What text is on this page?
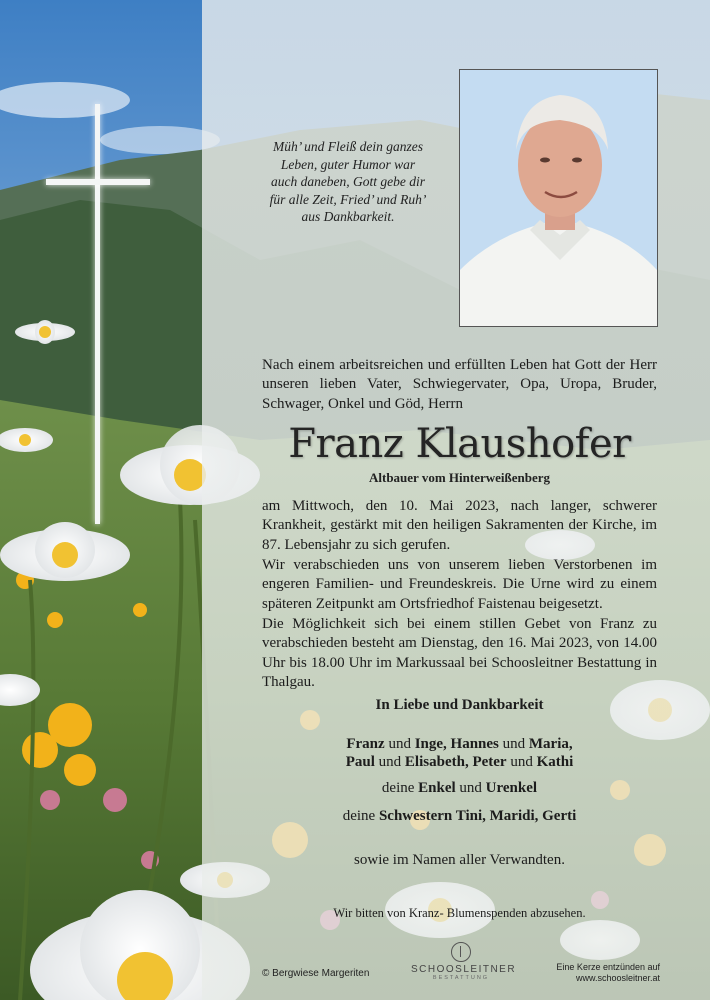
Müh’ und Fleiß dein ganzes
Leben, guter Humor war
auch daneben, Gott gebe dir
für alle Zeit, Fried’ und Ruh’
aus Dankbarkeit.
Nach einem arbeitsreichen und erfüllten Leben hat Gott der Herr unseren lieben Vater, Schwiegervater, Opa, Uropa, Bruder, Schwager, Onkel und Göd, Herrn
Franz Klaushofer
Altbauer vom Hinterweißenberg
am Mittwoch, den 10. Mai 2023, nach langer, schwerer Krankheit, gestärkt mit den heiligen Sakramenten der Kirche, im 87. Lebensjahr zu sich gerufen.
Wir verabschieden uns von unserem lieben Verstorbenen im engeren Familien- und Freundeskreis. Die Urne wird zu einem späteren Zeitpunkt am Ortsfriedhof Faistenau beigesetzt.
Die Möglichkeit sich bei einem stillen Gebet von Franz zu verabschieden besteht am Dienstag, den 16. Mai 2023, von 14.00 Uhr bis 18.00 Uhr im Markussaal bei Schoosleitner Bestattung in Thalgau.
In Liebe und Dankbarkeit
Franz und Inge, Hannes und Maria,
Paul und Elisabeth, Peter und Kathi
deine Enkel und Urenkel
deine Schwestern Tini, Maridi, Gerti
sowie im Namen aller Verwandten.
Wir bitten von Kranz- Blumenspenden abzusehen.
© Bergwiese Margeriten	SCHOOSLEITNER
BESTATTUNG
Eine Kerze entzünden auf
www.schoosleitner.at
